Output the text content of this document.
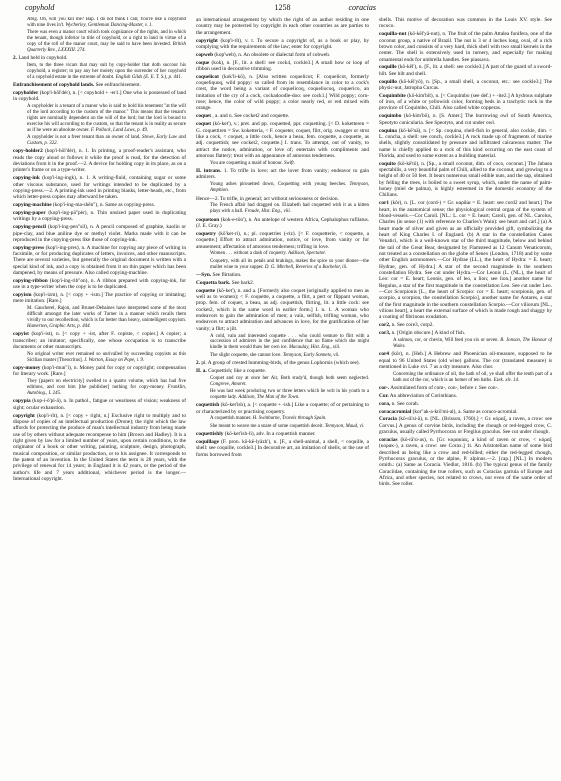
copyhold	1258	coracias

Abig. Oh, will you kill me? Bap. I do not think I can; You're like a copyhold with nine lives in't. Wycherley, Gentleman Dancing-Master, v. 1.

There was even a manor court which took cognizance of the rights, and in which the tenant, though inferior in title of copyhold, or a right to land in virtue of a copy of the roll of the manor court, may be said to have been invested. British Quarterly Rev., LXXXIII. 274.

2. Land held in copyhold.

Item, to the three vicars that may suit by copy-holder that doth succour his copyhold, a register; to pay any her moiety upon the surrender of her copyhold of a copyhold estate in the extreme of doubt. English Gilds (E. E. T. S.), p. 441.

Enfranchisement of copyhold lands. See enfranchisement.

copyholder (kop'i-hōl'dėr), n. [< copyhold + -er1.] One who is possessed of land in copyhold.

A copyholder is a tenant of a manor who is said to hold his tenement "at the will of the lord according to the custom of the manor." This means that the tenant's rights are nominally dependent on the will of the lord; but the lord is bound to exercise his will according to the custom, so that the tenant is in reality as secure as if he were an absolute owner. F. Pollock, Land Laws, p. 49.

A copyholder is not a freer tenant than an owner of land. Stowe, Early Law and Custom, p. 322.

copy-holder2 (kop'i-hōl'dėr), n. 1. In printing, a proof-reader's assistant, who reads the copy aloud or follows it while the proof is read, for the detection of deviations from it in the proof.—2. A device for holding copy in its place, as on a printer's frame or on a type-writer.

copying-ink (kop'i-ing-ingk), n. 1. A writing-fluid, containing sugar or some other viscous substance, used for writings intended to be duplicated by a copying-press.—2. A printing-ink used in printing blanks, letter-heads, etc., from which letter-press copies may afterward be taken.

copying-machine (kop'i-ing-ma-shēn"), n. Same as copying-press.

copying-paper (kop'i-ing-pā"pėr), n. Thin unsized paper used in duplicating writings by a copying-press.

copying-pencil (kop'i-ing-pen"sil), n. A pencil composed of graphite, kaolin or pipe-clay, and blue aniline dye or methyl violet. Marks made with it can be reproduced in the copying-press like those of copying-ink.

copying-press (kop'i-ing-pres), n. A machine for copying any piece of writing in facsimile, or for producing duplicates of letters, invoices, and other manuscripts. There are several varieties, but generally the original document is written with a special kind of ink, and a copy is obtained from it on thin paper which has been dampened, by means of pressure. Also called copying-machine.

copying-ribbon (kop'i-ing-rib"on), n. A ribbon prepared with copying-ink, for use in a type-writer when the copy is to be duplicated.

copyism (kop'i-izm), n. [< copy + -ism.] The practice of copying or imitating; mere imitation. [Rare.]

M. Gaucherel, Rajon, and Brunet-Debaines have interpreted some of the most difficult amongst the later works of Turner in a manner which recalls them vividly to our recollection, which is far better than heavy, unintelligent copyism. Hamerton, Graphic Arts, p. 444.

copyist (kop'i-ist), n. [< copy + -ist, after F. copiste, < copier.] A copier; a transcriber; an imitator; specifically, one whose occupation is to transcribe documents or other manuscripts.

No original writer ever remained so unrivalled by succeeding copyists as this Sicilian master [Theocritus]. J. Warton, Essay on Pope, i. 9.

copy-money (kop'i-mun"i), n. Money paid for copy or copyright; compensation for literary work. [Rare.]

They [papers on electricity] swelled to a quarto volume, which has had five editions, and cost him [the publisher] nothing for copy-money. Franklin, Autobiog., I. 245.

copypia (kop-i-ō'pi-ä), n. In pathol., fatigue or weariness of vision; weakness of sight; ocular exhaustion.

copyright (kop'i-rīt), n. [< copy + right, n.] Exclusive right to multiply and to dispose of copies of an intellectual production (Drone); the right which the law affords for protecting the produce of man's intellectual industry from being made use of by others without adequate recompense to him (Brown and Hadley). It is a right given by law for a limited number of years, upon certain conditions, to the originator of a book or other writing, painting, sculpture, design, photograph, musical composition, or similar production, or to his assignee. It corresponds to the patent of an invention. In the United States the term is 28 years, with the privilege of renewal for 14 years; in England it is 42 years, or the period of the author's life and 7 years additional, whichever period is the longer.—International copyright.

an international arrangement by which the right of an author residing in one country may be protected by copyright in each other countries as are parties to the arrangement.

copyright (kop'i-rīt), v. t. To secure a copyright of, as a book or play, by complying with the requirements of the law; enter for copyright.

copweb (kop'web), n. An obsolete or dialectal form of cobweb.

coque (kok), n. [F., lit. a shell: see cock4, cockle3.] A small bow or loop of ribbon used in decorative trimming.

coquelicot (kok'li-kō), n. [Also written coquelicot; F. coquelicot, formerly coqueliquoq, wild poppy: so called from its resemblance in color to a cock's crest, the word being a variant of coquelicoq, coqueliocoq, coquerico, an imitation of the cry of a cock, cockadoodle-doo: see cock1.] Wild poppy; corn-rose; hence, the color of wild poppy; a color nearly red, or red mixed with orange.

coquet , a. and n. See cocket2 and coquette.

coquet (kō-ket'), v.; pret. and pp. coquetted, ppr. coquetting. [< D. koketteren = G. coquettiren = Sw. koketteria, < F. coqueter, coquet, flirt, orig. swagger or strut like a cock, < coquet, a little cock, hence a beau, fem. coquette, a coquette, as adj. coquettish; see cocket2, coquette.] I. trans. To attempt, out of vanity, to attract the notice, admiration, or love of; entertain with compliments and amorous flattery; treat with an appearance of amorous tenderness.

You are coquetting a maid of honour. Swift.

II. intrans. 1. To trifle in love; act the lover from vanity; endeavor to gain admirers.

Young ashes pirouetted down, Coquetting with young beeches. Tennyson, Amphion.

Hence—2. To trifle, in general; act without seriousness or decision.

The French affair had dragged on. Elizabeth had coquetted with it as a kitten plays with a ball. Froude, Hist. Eng., viii.

coquetoon (kok-e-tön'), n. An antelope of western Africa, Cephalophus rufilatus. (J. E. Gray.)

coquetry (kō'ket-ri), n.; pl. coquetries (-riz). [< F. coquetterie, < coquette, a coquette.] Effort to attract admiration, notice, or love, from vanity or for amusement; affectation of amorous tenderness; trifling in love.

Women . . . without a dash of coquetry. Addison, Spectator.

Coquetry, with all its petals and brakings, makes the spice so your dinner—the mullet wine to your supper. D. G. Mitchell, Reveries of a Bachelor, iii.

—Syn. See flirtation.

Coquetta bark. See bark2.

coquette (kō-ket'), n. and a. [Formerly also coquet (originally applied to men as well as to women); < F. coquette, a coquette, a flirt, a pert or flippant woman, prop. fem. of coquet, a beau, as adj. coquettish, flirting, lit. a little cock: see cocket2, which is the same word in earlier form.] I. n. 1. A woman who endeavors to gain the admiration of men; a vain, selfish, trifling woman, who endeavors to attract admiration and advances in love, for the gratification of her vanity; a flirt; a jilt.

A cold, vain and interested coquette . . . who could venture to flirt with a succession of admirers in the just confidence that no flame which she might kindle in them would thaw her own ice. Macaulay, Hist. Eng., xiii.

The slight coquette, she cannot love. Tennyson, Early Sonnets, vii.

2. pl. A group of crested humming-birds, of the genus Lophornis (which see).

II. a. Coquettish; like a coquette.

Coquet and coy at once her Air, Both study'd, though both seem neglected. Congreve, Amoret.

He was last week producing two or three letters which he writ in his youth to a coquette lady. Addison, The Man of the Town.

coquettish (kō-ket'ish), a. [< coquette + -ish.] Like a coquette; of or pertaining to or characterized by or practising coquetry.

A coquettish manner. H. Swinburne, Travels through Spain.

She meant to weave me a snare of some coquettish deceit. Tennyson, Maud, vi.

coquettishly (kō-ket'ish-li), adv. In a coquettish manner.

coquillage (F. pron. kō-kē-lyäzh'), n. [F., a shell-animal, a shell, < coquille, a shell: see coquille, cockle3.] In decorative art, an imitation of shells, or the use of forms borrowed from

shells. This motive of decoration was common in the Louis XV. style. See rococo.

coquilla-nut (kō-kēl'yä-nut), n. The fruit of the palm Attalea funifera, one of the coconut group, a native of Brazil. The nut is 3 or 4 inches long, oval, of a rich brown color, and consists of a very hard, thick shell with two small kernels in the center. The shell is extensively used in turnery, and especially for making ornamental ends for umbrella handles. See piassava.

coquille (kō-kēl'), n. [F., lit. a shell: see cockle3.] A part of the guard of a sword-hilt. See hilt and shell.

coquillo (kō-kēl'yō), n. [Sp., a small shell, a coconut, etc.: see cockle3.] The physic-nut, Jatropha Curcas.

Coquimbite (kō-kim'bīt), n. [< Coquimbo (see def.) + -ite2.] A hydrous sulphate of iron, of a white or yellowish color, forming beds in a trachytic rock in the province of Coquimbo, Chili. Also called white copperas.

coquimbo (kō-kim'bō), n. [S. Amer.] The burrowing owl of South America, Speotyto cunicularia. See Speotyto, and cut under owl.

coquina (kō-kē'nä), n. [< Sp. coquina, shell-fish in general, also cockle, dim. < L. concha, a shell: see conch, cockle3.] A rock made up of fragments of marine shells, slightly consolidated by pressure and infiltrated calcareous matter. The name is chiefly applied to a rock of this kind occurring on the east coast of Florida, and used to some extent as a building material.

coquito (kō-kē'tō), n. [Sp., a small coconut, dim. of coco, coconut.] The Jubaea spectabilis, a very beautiful palm of Chili, allied to the coconut, and growing to a height of 40 or 50 feet. It bears numerous small edible nuts, and the sap, obtained by felling the trees, is boiled to a sweet syrup, which, under the name of palm-honey (miel de palma), is highly esteemed in the domestic economy of the Chilians.

cor1 (kôr), n. [L. cor (cord-) = Gr. καρδία = E. heart: see cord2 and heart.] The heart, in the anatomical sense; the physiological central organ of the system of blood-vessels.—Cor Caroli. [NL.: L. cor = E. heart; Caroli, gen. of NL. Carolus, Charles (in sense (1) with reference to Charles's Wain): see heart and carl.] (a) A heart made of silver and given as an officially provided gift, symbolizing the heart of King Charles I. of England. (b) A star in the constellation Canes Venatici, which is a well-known star of the third magnitude, below and behind the tail of the Great Bear, designated by Flamsteed as 12 Canum Venaticorum, not treated as a constellation on the globe of Senex (London, 1718) and by some other English astronomers.—Cor Hydrae (LL.), the heart of Hydra: = E. heart; Hydrae, gen. of Hydra.] A star of the second magnitude in the southern constellation Hydra. See cut under Hydra.—Cor Leonis (L. (NL.), the heart of Leo: cor = E. heart; Leonis, gen. of leo, a lion; see lion.] another name for Regulus, a star of the first magnitude in the constellation Leo. See cut under Leo.—Cor Scorpionis [L., the heart of Scorpio: cor = E. heart; scorpionis, gen. of scorpio, a scorpion, the constellation Scorpio], another name for Antares, a star of the first magnitude in the southern constellation Scorpio.—Cor viliorum [NL., vilious heart], a heart the external surface of which is made rough and shaggy by a coating of fibrinous exudation.

cor2, n. See core3, corp2.

cor3, n. [Origin obscure.] A kind of fish.

A salmon, cor, or chevin, Will feed you six or seven. B. Jonson, The Honour of Wales.

cor4 (kôr), n. [Heb.] A Hebrew and Phoenician oil-measure, supposed to be equal to 96 United States (old wine) gallons. The cor (translated measure) is mentioned in Luke xvi. 7 as a dry measure. Also chor.

Concerning the ordinance of oil, the bath of oil, ye shall offer the tenth part of a bath out of the cor, which is an homer of ten baths. Ezek. xlv. 14.

cor-. Assimilated form of com-, con-, before r. See con-.

Cor. An abbreviation of Corinthians.

cora, n. See corah.

coracacromial (kor"ak-a-krō'mi-al), a. Same as coraco-acromial.

Coracia (kō-rā'si-ä), n. [NL. (Brisson, 1760).] < Gr. κόραξ, a raven, a crow: see Corvus.] A genus of corvine birds, including the chough or red-legged crow, C. graculus, usually called Pyrrhocorax or Fregilus graculus. See cut under chough.

coracias (kō-rā'si-as), n. [Gr. κορακίας, a kind of raven or crow, < κόραξ (κορακ-), a raven, a crow: see Corax.] 1t. An Aristotelian name of some bird described as being like a crow and red-billed; either the red-legged chough, Pyrrhocorax graculus, or the alpine, P. alpinus.—2. [cap.] [NL.] In modern ornith.: (a) Same as Coracia. Viedlot, 1816. (b) The typical genus of the family Coraciidae, containing the true rollers, such as Coracias garrula of Europe and Africa, and other species, not related to crows, nor even of the same order of birds. See roller.
